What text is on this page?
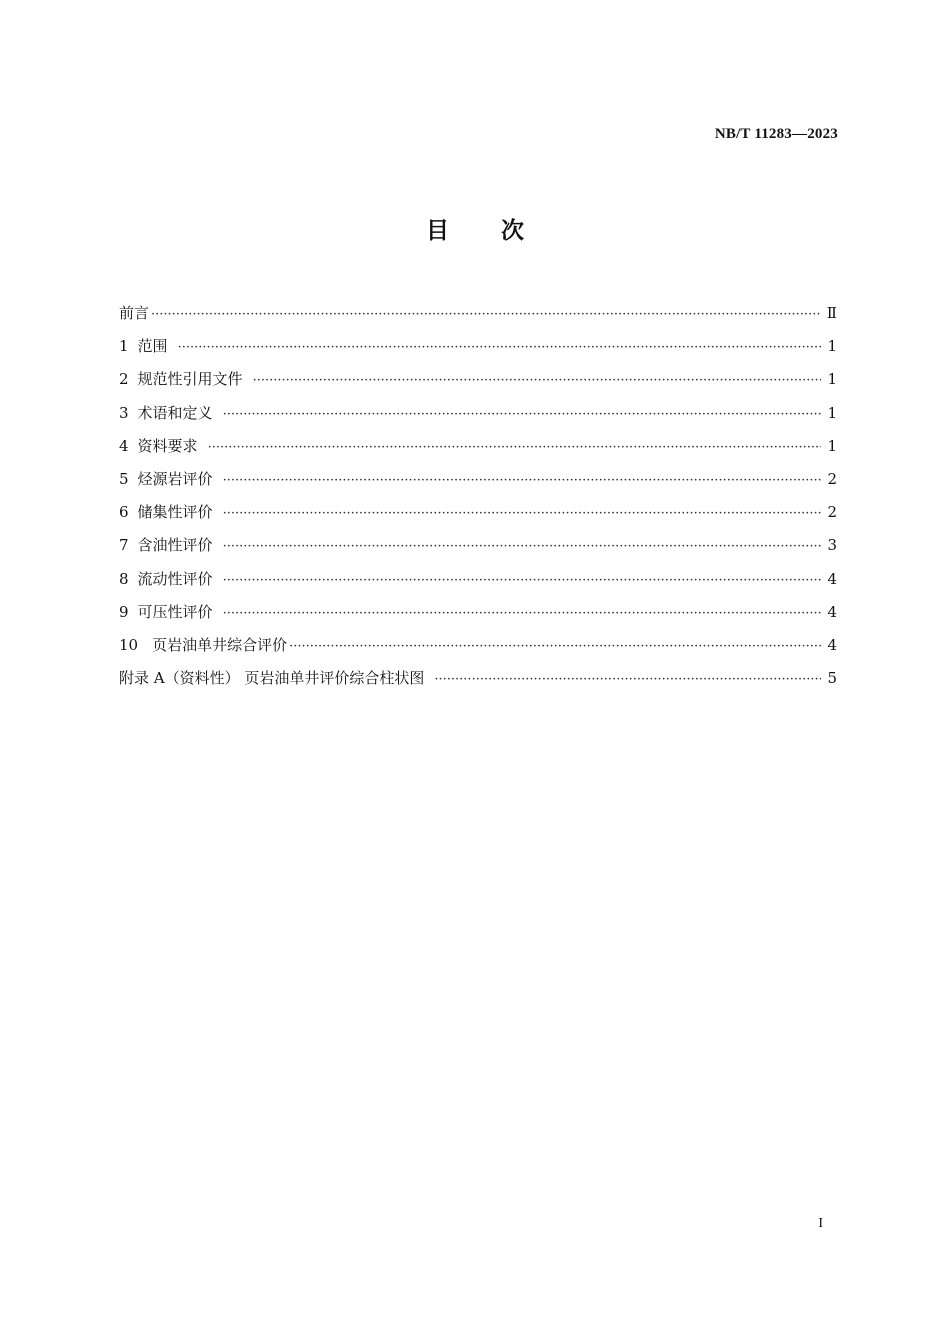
NB/T 11283—2023
目 次
前言 ·····	Ⅱ
1 范围 ·····	1
2 规范性引用文件 ·····	1
3 术语和定义 ·····	1
4 资料要求 ·····	1
5 烃源岩评价 ·····	2
6 储集性评价 ·····	2
7 含油性评价 ·····	3
8 流动性评价 ·····	4
9 可压性评价 ·····	4
10 页岩油单井综合评价 ·····	4
附录 A（资料性） 页岩油单井评价综合柱状图 ·····	5
I
